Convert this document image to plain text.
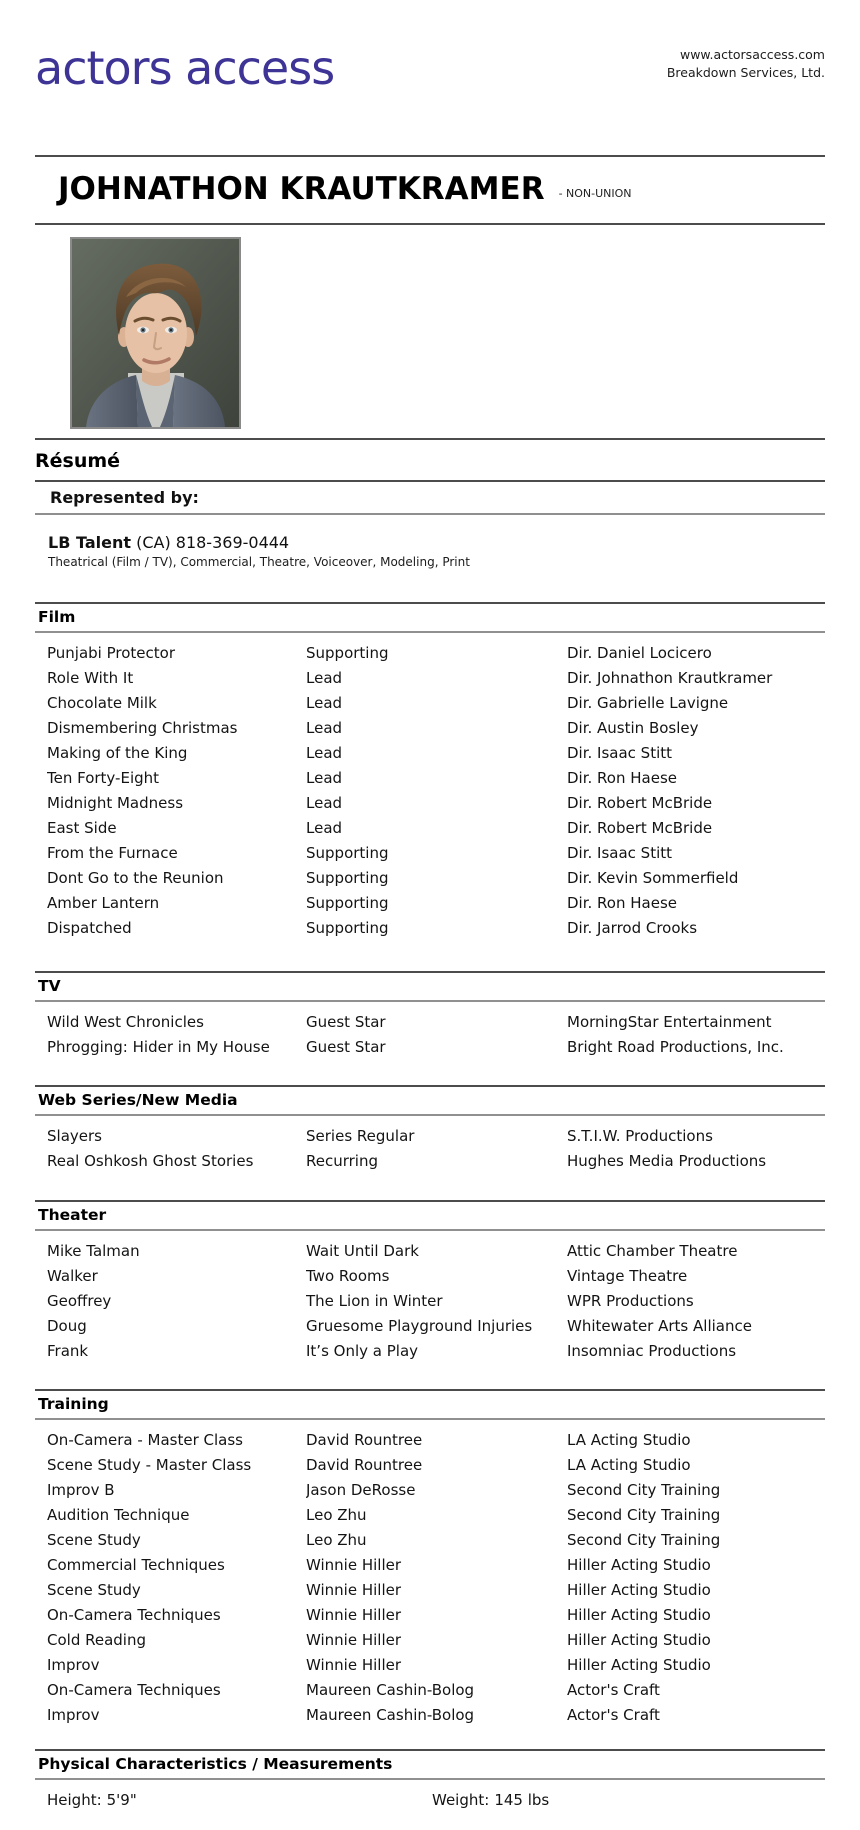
actors access	www.actorsaccess.com
Breakdown Services, Ltd.
JOHNATHON KRAUTKRAMER - NON-UNION
Résumé
Represented by:
LB Talent (CA) 818-369-0444
Theatrical (Film / TV), Commercial, Theatre, Voiceover, Modeling, Print
Film
Punjabi Protector	Supporting	Dir. Daniel Locicero
Role With It	Lead	Dir. Johnathon Krautkramer
Chocolate Milk	Lead	Dir. Gabrielle Lavigne
Dismembering Christmas	Lead	Dir. Austin Bosley
Making of the King	Lead	Dir. Isaac Stitt
Ten Forty-Eight	Lead	Dir. Ron Haese
Midnight Madness	Lead	Dir. Robert McBride
East Side	Lead	Dir. Robert McBride
From the Furnace	Supporting	Dir. Isaac Stitt
Dont Go to the Reunion	Supporting	Dir. Kevin Sommerfield
Amber Lantern	Supporting	Dir. Ron Haese
Dispatched	Supporting	Dir. Jarrod Crooks
TV
Wild West Chronicles	Guest Star	MorningStar Entertainment
Phrogging: Hider in My House	Guest Star	Bright Road Productions, Inc.
Web Series/New Media
Slayers	Series Regular	S.T.I.W. Productions
Real Oshkosh Ghost Stories	Recurring	Hughes Media Productions
Theater
Mike Talman	Wait Until Dark	Attic Chamber Theatre
Walker	Two Rooms	Vintage Theatre
Geoffrey	The Lion in Winter	WPR Productions
Doug	Gruesome Playground Injuries	Whitewater Arts Alliance
Frank	It’s Only a Play	Insomniac Productions
Training
On-Camera - Master Class	David Rountree	LA Acting Studio
Scene Study - Master Class	David Rountree	LA Acting Studio
Improv B	Jason DeRosse	Second City Training
Audition Technique	Leo Zhu	Second City Training
Scene Study	Leo Zhu	Second City Training
Commercial Techniques	Winnie Hiller	Hiller Acting Studio
Scene Study	Winnie Hiller	Hiller Acting Studio
On-Camera Techniques	Winnie Hiller	Hiller Acting Studio
Cold Reading	Winnie Hiller	Hiller Acting Studio
Improv	Winnie Hiller	Hiller Acting Studio
On-Camera Techniques	Maureen Cashin-Bolog	Actor's Craft
Improv	Maureen Cashin-Bolog	Actor's Craft
Physical Characteristics / Measurements
Height: 5'9"	Weight: 145 lbs
